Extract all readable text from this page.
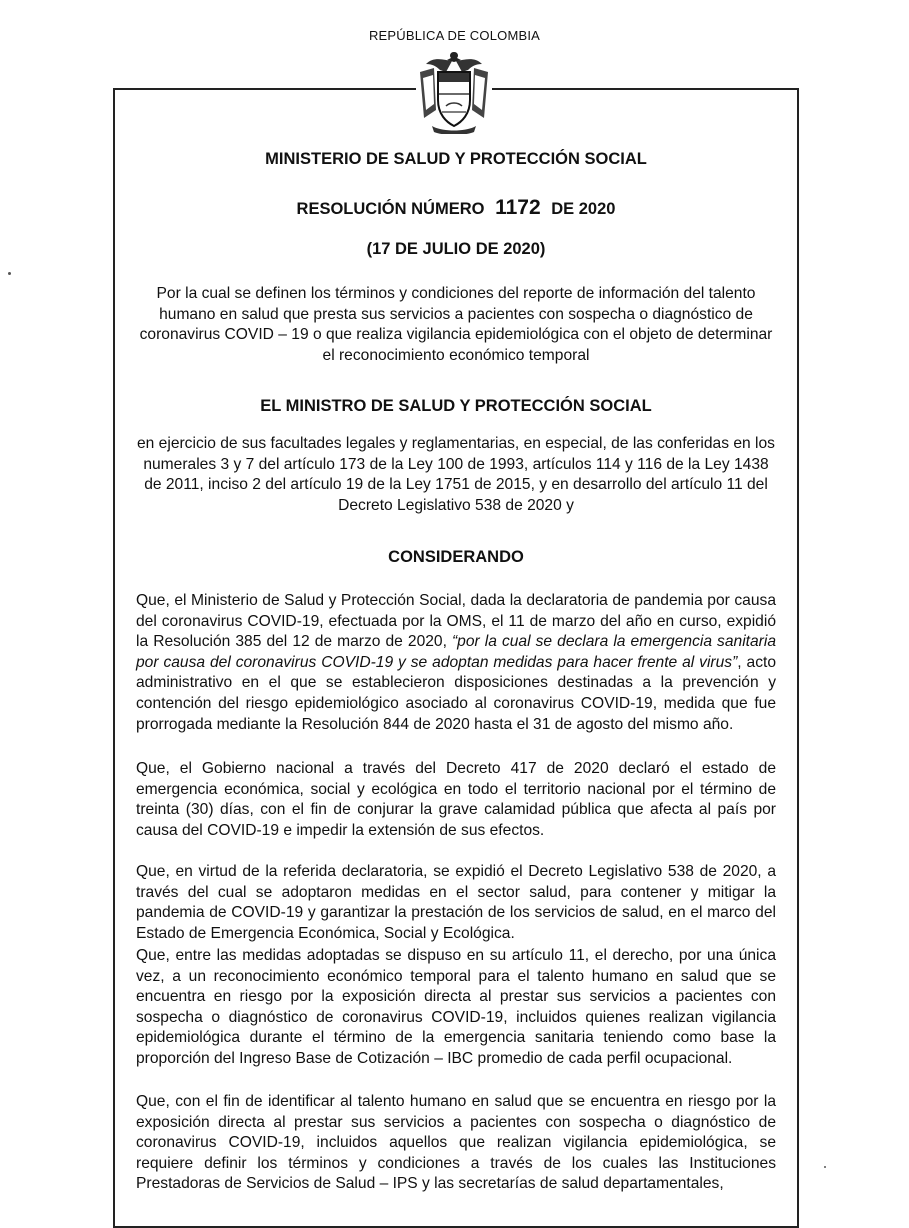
REPÚBLICA DE COLOMBIA
MINISTERIO DE SALUD Y PROTECCIÓN SOCIAL
RESOLUCIÓN NÚMERO 1172 DE 2020
(17 DE JULIO DE 2020)
Por la cual se definen los términos y condiciones del reporte de información del talento humano en salud que presta sus servicios a pacientes con sospecha o diagnóstico de coronavirus COVID – 19 o que realiza vigilancia epidemiológica con el objeto de determinar el reconocimiento económico temporal
EL MINISTRO DE SALUD Y PROTECCIÓN SOCIAL
en ejercicio de sus facultades legales y reglamentarias, en especial, de las conferidas en los numerales 3 y 7 del artículo 173 de la Ley 100 de 1993, artículos 114 y 116 de la Ley 1438 de 2011, inciso 2 del artículo 19 de la Ley 1751 de 2015, y en desarrollo del artículo 11 del Decreto Legislativo 538 de 2020 y
CONSIDERANDO
Que, el Ministerio de Salud y Protección Social, dada la declaratoria de pandemia por causa del coronavirus COVID-19, efectuada por la OMS, el 11 de marzo del año en curso, expidió la Resolución 385 del 12 de marzo de 2020, “por la cual se declara la emergencia sanitaria por causa del coronavirus COVID-19 y se adoptan medidas para hacer frente al virus”, acto administrativo en el que se establecieron disposiciones destinadas a la prevención y contención del riesgo epidemiológico asociado al coronavirus COVID-19, medida que fue prorrogada mediante la Resolución 844 de 2020 hasta el 31 de agosto del mismo año.
Que, el Gobierno nacional a través del Decreto 417 de 2020 declaró el estado de emergencia económica, social y ecológica en todo el territorio nacional por el término de treinta (30) días, con el fin de conjurar la grave calamidad pública que afecta al país por causa del COVID-19 e impedir la extensión de sus efectos.
Que, en virtud de la referida declaratoria, se expidió el Decreto Legislativo 538 de 2020, a través del cual se adoptaron medidas en el sector salud, para contener y mitigar la pandemia de COVID-19 y garantizar la prestación de los servicios de salud, en el marco del Estado de Emergencia Económica, Social y Ecológica.
Que, entre las medidas adoptadas se dispuso en su artículo 11, el derecho, por una única vez, a un reconocimiento económico temporal para el talento humano en salud que se encuentra en riesgo por la exposición directa al prestar sus servicios a pacientes con sospecha o diagnóstico de coronavirus COVID-19, incluidos quienes realizan vigilancia epidemiológica durante el término de la emergencia sanitaria teniendo como base la proporción del Ingreso Base de Cotización – IBC promedio de cada perfil ocupacional.
Que, con el fin de identificar al talento humano en salud que se encuentra en riesgo por la exposición directa al prestar sus servicios a pacientes con sospecha o diagnóstico de coronavirus COVID-19, incluidos aquellos que realizan vigilancia epidemiológica, se requiere definir los términos y condiciones a través de los cuales las Instituciones Prestadoras de Servicios de Salud – IPS y las secretarías de salud departamentales,
